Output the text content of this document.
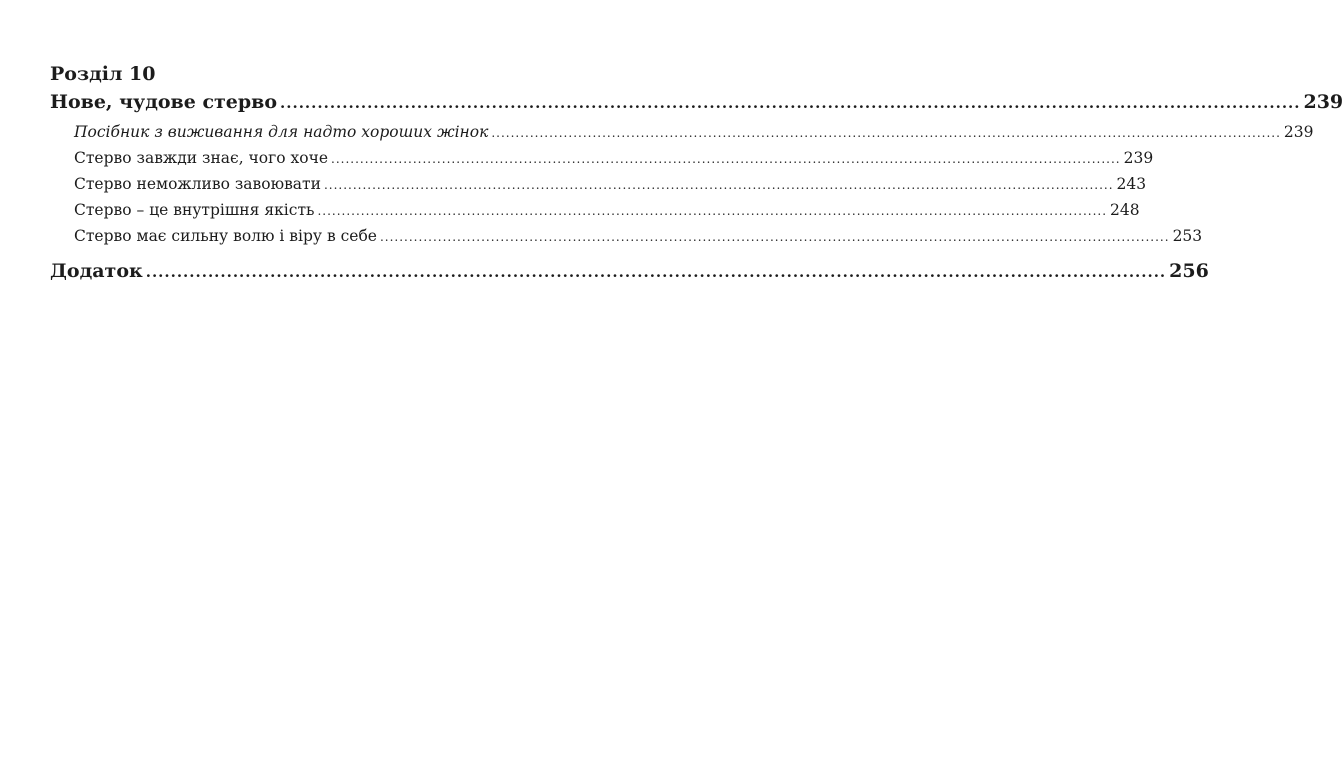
Розділ 10
Нове, чудове стерво .................................................................................................................................................................... 239
Посібник з виживання для надто хороших жінок .................................................................................................................................................................... 239
Стерво завжди знає, чого хоче .................................................................................................................................................................... 239
Стерво неможливо завоювати .................................................................................................................................................................... 243
Стерво – це внутрішня якість .................................................................................................................................................................... 248
Стерво має сильну волю і віру в себе .................................................................................................................................................................... 253
Додаток .................................................................................................................................................................... 256
